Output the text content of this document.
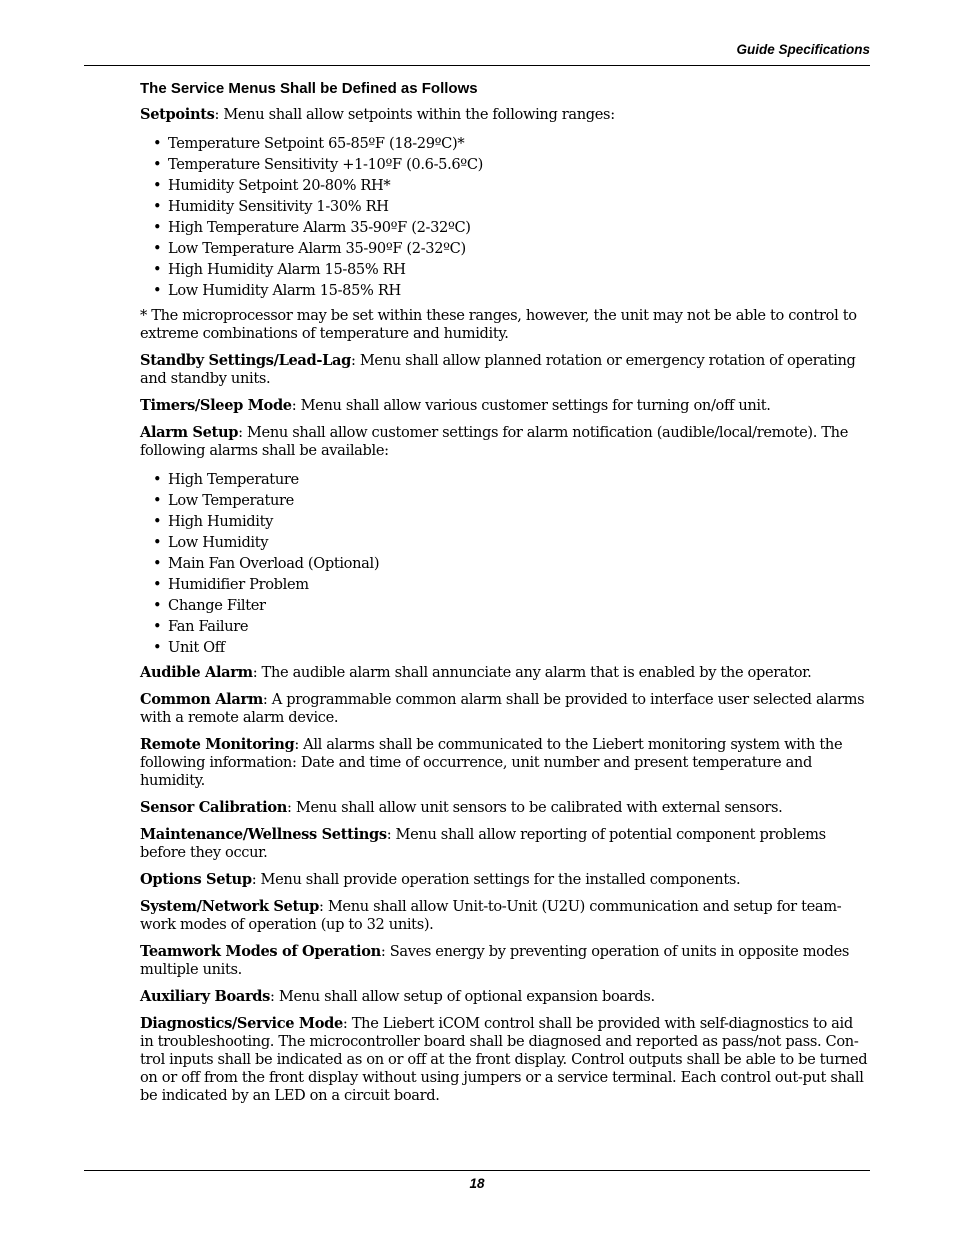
Guide Specifications
The Service Menus Shall be Defined as Follows

Setpoints: Menu shall allow setpoints within the following ranges:

• Temperature Setpoint 65-85ºF (18-29ºC)*
• Temperature Sensitivity +1-10ºF (0.6-5.6ºC)
• Humidity Setpoint 20-80% RH*
• Humidity Sensitivity 1-30% RH
• High Temperature Alarm 35-90ºF (2-32ºC)
• Low Temperature Alarm 35-90ºF (2-32ºC)
• High Humidity Alarm 15-85% RH
• Low Humidity Alarm 15-85% RH

* The microprocessor may be set within these ranges, however, the unit may not be able to control to extreme combinations of temperature and humidity.

Standby Settings/Lead-Lag: Menu shall allow planned rotation or emergency rotation of operating and standby units.

Timers/Sleep Mode: Menu shall allow various customer settings for turning on/off unit.

Alarm Setup: Menu shall allow customer settings for alarm notification (audible/local/remote). The following alarms shall be available:

• High Temperature
• Low Temperature
• High Humidity
• Low Humidity
• Main Fan Overload (Optional)
• Humidifier Problem
• Change Filter
• Fan Failure
• Unit Off

Audible Alarm: The audible alarm shall annunciate any alarm that is enabled by the operator.

Common Alarm: A programmable common alarm shall be provided to interface user selected alarms with a remote alarm device.

Remote Monitoring: All alarms shall be communicated to the Liebert monitoring system with the following information: Date and time of occurrence, unit number and present temperature and humidity.

Sensor Calibration: Menu shall allow unit sensors to be calibrated with external sensors.

Maintenance/Wellness Settings: Menu shall allow reporting of potential component problems before they occur.

Options Setup: Menu shall provide operation settings for the installed components.

System/Network Setup: Menu shall allow Unit-to-Unit (U2U) communication and setup for team-work modes of operation (up to 32 units).

Teamwork Modes of Operation: Saves energy by preventing operation of units in opposite modes multiple units.

Auxiliary Boards: Menu shall allow setup of optional expansion boards.

Diagnostics/Service Mode: The Liebert iCOM control shall be provided with self-diagnostics to aid in troubleshooting. The microcontroller board shall be diagnosed and reported as pass/not pass. Con-trol inputs shall be indicated as on or off at the front display. Control outputs shall be able to be turned on or off from the front display without using jumpers or a service terminal. Each control out-put shall be indicated by an LED on a circuit board.

18
